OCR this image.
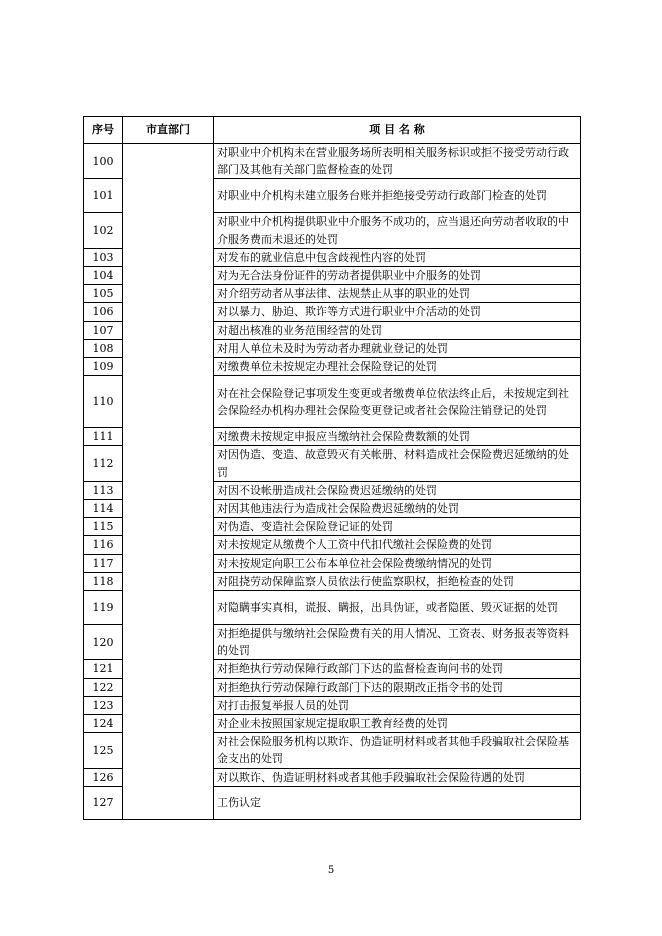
序号	市直部门	项 目 名 称
100		对职业中介机构未在营业服务场所表明相关服务标识或拒不接受劳动行政部门及其他有关部门监督检查的处罚
101		对职业中介机构未建立服务台账并拒绝接受劳动行政部门检查的处罚
102		对职业中介机构提供职业中介服务不成功的，应当退还向劳动者收取的中介服务费而未退还的处罚
103		对发布的就业信息中包含歧视性内容的处罚
104		对为无合法身份证件的劳动者提供职业中介服务的处罚
105		对介绍劳动者从事法律、法规禁止从事的职业的处罚
106		对以暴力、胁迫、欺诈等方式进行职业中介活动的处罚
107		对超出核准的业务范围经营的处罚
108		对用人单位未及时为劳动者办理就业登记的处罚
109		对缴费单位未按规定办理社会保险登记的处罚
110		对在社会保险登记事项发生变更或者缴费单位依法终止后，未按规定到社会保险经办机构办理社会保险变更登记或者社会保险注销登记的处罚
111		对缴费未按规定申报应当缴纳社会保险费数额的处罚
112		对因伪造、变造、故意毁灭有关帐册、材料造成社会保险费迟延缴纳的处罚
113		对因不设帐册造成社会保险费迟延缴纳的处罚
114		对因其他违法行为造成社会保险费迟延缴纳的处罚
115		对伪造、变造社会保险登记证的处罚
116		对未按规定从缴费个人工资中代扣代缴社会保险费的处罚
117		对未按规定向职工公布本单位社会保险费缴纳情况的处罚
118		对阻挠劳动保障监察人员依法行使监察职权，拒绝检查的处罚
119		对隐瞒事实真相，谎报、瞒报，出具伪证，或者隐匿、毁灭证据的处罚
120		对拒绝提供与缴纳社会保险费有关的用人情况、工资表、财务报表等资料的处罚
121		对拒绝执行劳动保障行政部门下达的监督检查询问书的处罚
122		对拒绝执行劳动保障行政部门下达的限期改正指令书的处罚
123		对打击报复举报人员的处罚
124		对企业未按照国家规定提取职工教育经费的处罚
125		对社会保险服务机构以欺诈、伪造证明材料或者其他手段骗取社会保险基金支出的处罚
126		对以欺诈、伪造证明材料或者其他手段骗取社会保险待遇的处罚
127		工伤认定
5
